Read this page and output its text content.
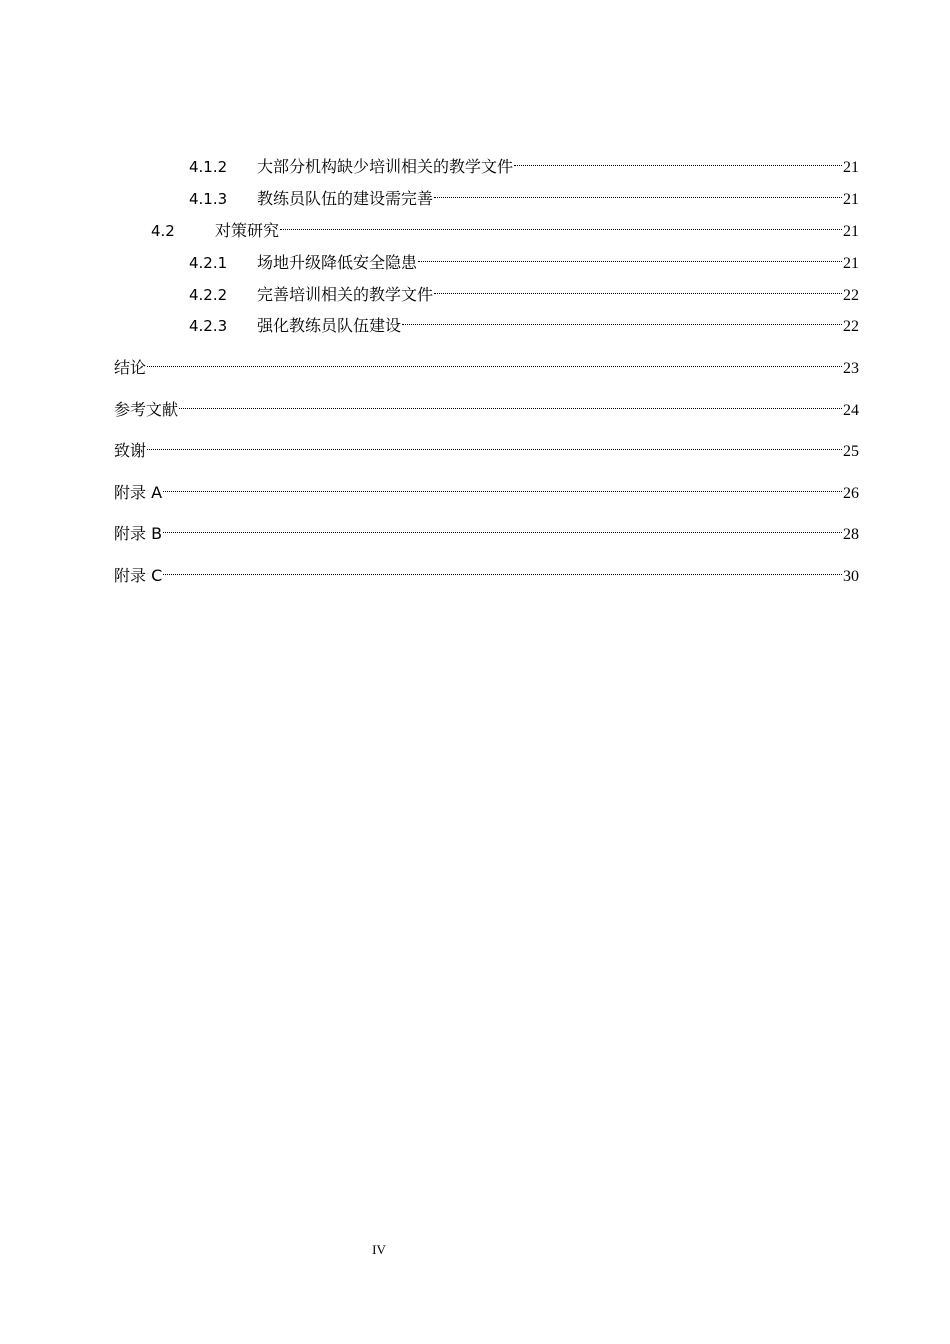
4.1.2	大部分机构缺少培训相关的教学文件	21
4.1.3	教练员队伍的建设需完善	21
4.2	对策研究	21
4.2.1	场地升级降低安全隐患	21
4.2.2	完善培训相关的教学文件	22
4.2.3	强化教练员队伍建设	22
结论	23
参考文献	24
致谢	25
附录 A	26
附录 B	28
附录 C	30
IV
